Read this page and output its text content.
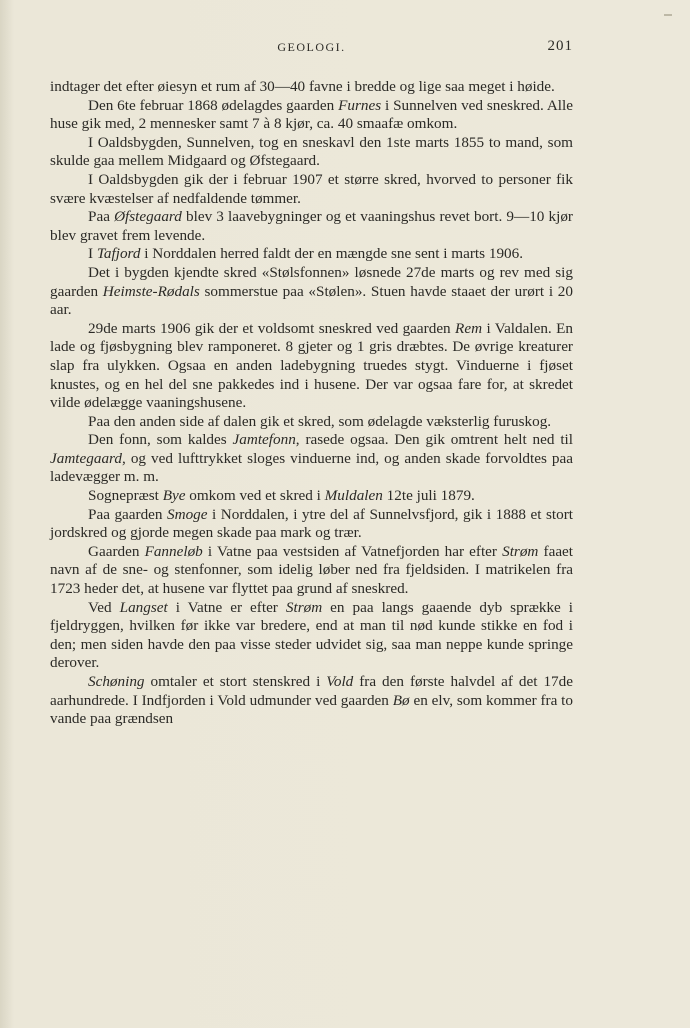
GEOLOGI.	201

indtager det efter øiesyn et rum af 30—40 favne i bredde og lige saa meget i høide.

Den 6te februar 1868 ødelagdes gaarden Furnes i Sunnelven ved sneskred. Alle huse gik med, 2 mennesker samt 7 à 8 kjør, ca. 40 smaafæ omkom.

I Oaldsbygden, Sunnelven, tog en sneskavl den 1ste marts 1855 to mand, som skulde gaa mellem Midgaard og Øfstegaard.

I Oaldsbygden gik der i februar 1907 et større skred, hvorved to personer fik svære kvæstelser af nedfaldende tømmer.

Paa Øfstegaard blev 3 laavebygninger og et vaaningshus revet bort. 9—10 kjør blev gravet frem levende.

I Tafjord i Norddalen herred faldt der en mængde sne sent i marts 1906.

Det i bygden kjendte skred «Stølsfonnen» løsnede 27de marts og rev med sig gaarden Heimste-Rødals sommerstue paa «Stølen». Stuen havde staaet der urørt i 20 aar.

29de marts 1906 gik der et voldsomt sneskred ved gaarden Rem i Valdalen. En lade og fjøsbygning blev ramponeret. 8 gjeter og 1 gris dræbtes. De øvrige kreaturer slap fra ulykken. Ogsaa en anden ladebygning truedes stygt. Vinduerne i fjøset knustes, og en hel del sne pakkedes ind i husene. Der var ogsaa fare for, at skredet vilde ødelægge vaaningshusene.

Paa den anden side af dalen gik et skred, som ødelagde væksterlig furuskog.

Den fonn, som kaldes Jamtefonn, rasede ogsaa. Den gik omtrent helt ned til Jamtegaard, og ved lufttrykket sloges vinduerne ind, og anden skade forvoldtes paa ladevægger m. m.

Sognepræst Bye omkom ved et skred i Muldalen 12te juli 1879.

Paa gaarden Smoge i Norddalen, i ytre del af Sunnelvsfjord, gik i 1888 et stort jordskred og gjorde megen skade paa mark og trær.

Gaarden Fanneløb i Vatne paa vestsiden af Vatnefjorden har efter Strøm faaet navn af de sne- og stenfonner, som idelig løber ned fra fjeldsiden. I matrikelen fra 1723 heder det, at husene var flyttet paa grund af sneskred.

Ved Langset i Vatne er efter Strøm en paa langs gaaende dyb sprække i fjeldryggen, hvilken før ikke var bredere, end at man til nød kunde stikke en fod i den; men siden havde den paa visse steder udvidet sig, saa man neppe kunde springe derover.

Schøning omtaler et stort stenskred i Vold fra den første halvdel af det 17de aarhundrede. I Indfjorden i Vold udmunder ved gaarden Bø en elv, som kommer fra to vande paa grændsen
